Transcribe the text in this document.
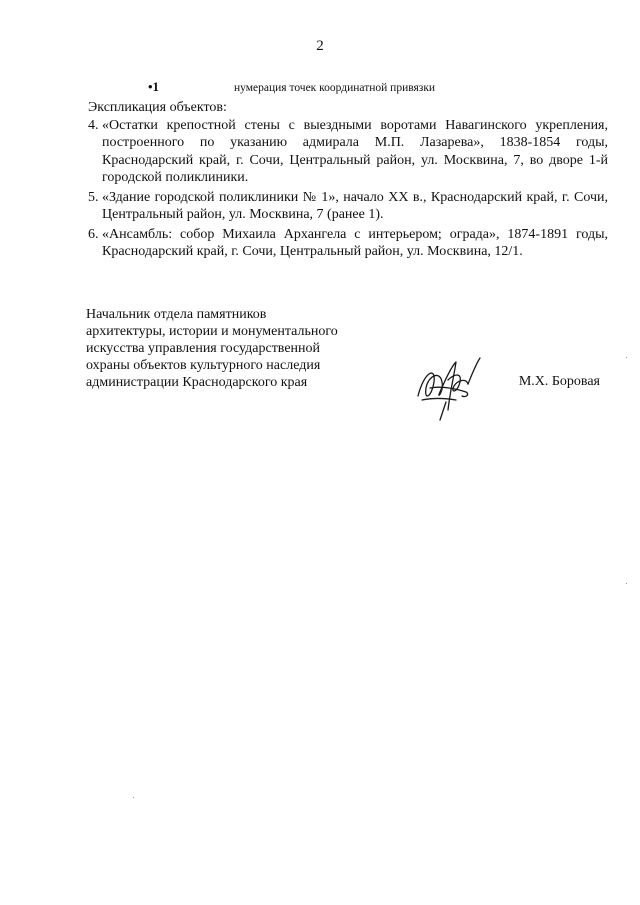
2
•1	нумерация точек координатной привязки

Экспликация объектов:

4. «Остатки крепостной стены с выездными воротами Навагинского укрепления, построенного по указанию адмирала М.П. Лазарева», 1838-1854 годы, Краснодарский край, г. Сочи, Центральный район, ул. Москвина, 7, во дворе 1-й городской поликлиники.
5. «Здание городской поликлиники № 1», начало XX в., Краснодарский край, г. Сочи, Центральный район, ул. Москвина, 7 (ранее 1).
6. «Ансамбль: собор Михаила Архангела с интерьером; ограда», 1874-1891 годы, Краснодарский край, г. Сочи, Центральный район, ул. Москвина, 12/1.
Начальник отдела памятников
архитектуры, истории и монументального
искусства управления государственной
охраны объектов культурного наследия
администрации Краснодарского края	М.Х. Боровая
